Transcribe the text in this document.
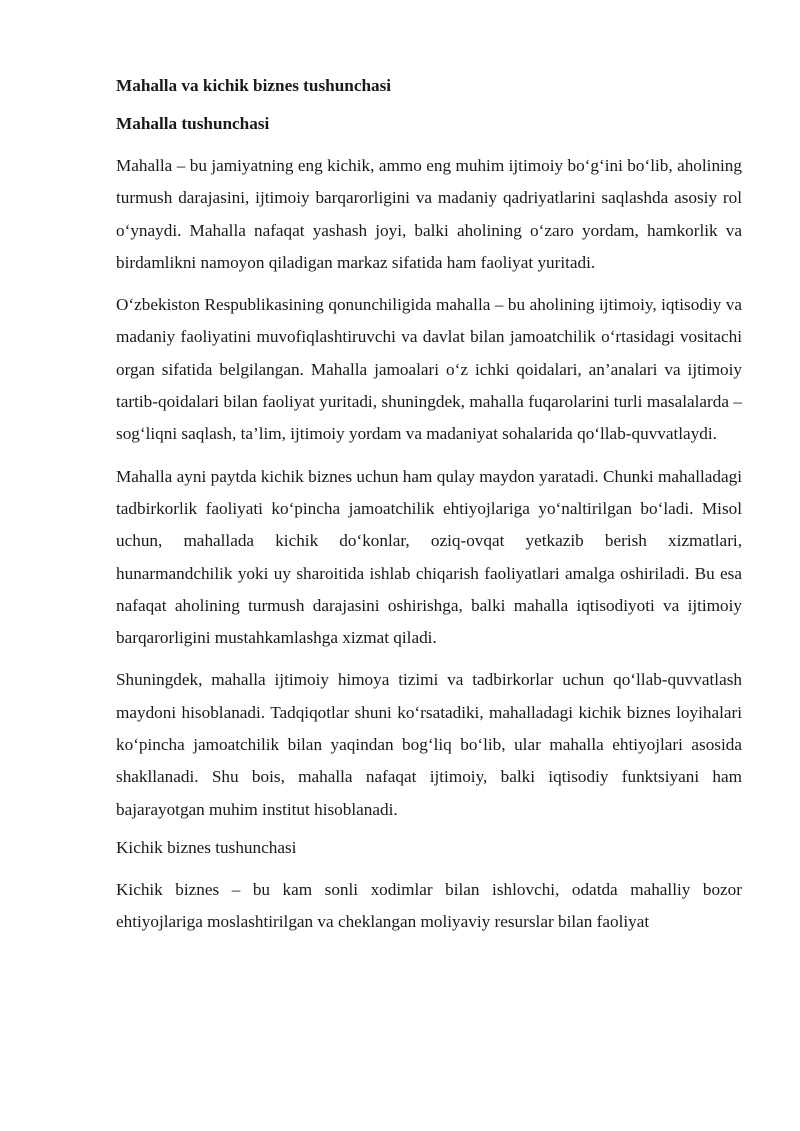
Mahalla va kichik biznes tushunchasi

Mahalla tushunchasi

Mahalla – bu jamiyatning eng kichik, ammo eng muhim ijtimoiy bo‘g‘ini bo‘lib, aholining turmush darajasini, ijtimoiy barqarorligini va madaniy qadriyatlarini saqlashda asosiy rol o‘ynaydi. Mahalla nafaqat yashash joyi, balki aholining o‘zaro yordam, hamkorlik va birdamlikni namoyon qiladigan markaz sifatida ham faoliyat yuritadi.

O‘zbekiston Respublikasining qonunchiligida mahalla – bu aholining ijtimoiy, iqtisodiy va madaniy faoliyatini muvofiqlashtiruvchi va davlat bilan jamoatchilik o‘rtasidagi vositachi organ sifatida belgilangan. Mahalla jamoalari o‘z ichki qoidalari, an’analari va ijtimoiy tartib-qoidalari bilan faoliyat yuritadi, shuningdek, mahalla fuqarolarini turli masalalarda – sog‘liqni saqlash, ta’lim, ijtimoiy yordam va madaniyat sohalarida qo‘llab-quvvatlaydi.

Mahalla ayni paytda kichik biznes uchun ham qulay maydon yaratadi. Chunki mahalladagi tadbirkorlik faoliyati ko‘pincha jamoatchilik ehtiyojlariga yo‘naltirilgan bo‘ladi. Misol uchun, mahallada kichik do‘konlar, oziq-ovqat yetkazib berish xizmatlari, hunarmandchilik yoki uy sharoitida ishlab chiqarish faoliyatlari amalga oshiriladi. Bu esa nafaqat aholining turmush darajasini oshirishga, balki mahalla iqtisodiyoti va ijtimoiy barqarorligini mustahkamlashga xizmat qiladi.

Shuningdek, mahalla ijtimoiy himoya tizimi va tadbirkorlar uchun qo‘llab-quvvatlash maydoni hisoblanadi. Tadqiqotlar shuni ko‘rsatadiki, mahalladagi kichik biznes loyihalari ko‘pincha jamoatchilik bilan yaqindan bog‘liq bo‘lib, ular mahalla ehtiyojlari asosida shakllanadi. Shu bois, mahalla nafaqat ijtimoiy, balki iqtisodiy funktsiyani ham bajarayotgan muhim institut hisoblanadi.

Kichik biznes tushunchasi

Kichik biznes – bu kam sonli xodimlar bilan ishlovchi, odatda mahalliy bozor ehtiyojlariga moslashtirilgan va cheklangan moliyaviy resurslar bilan faoliyat
